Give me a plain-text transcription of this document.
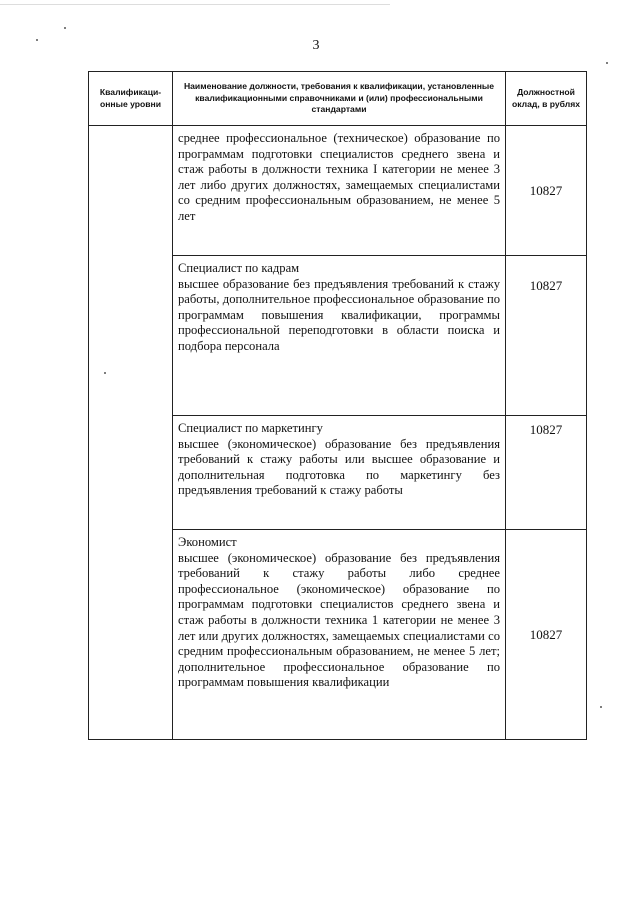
3
Квалификаци-онные уровни	Наименование должности, требования к квалификации, установленные квалификационными справочниками и (или) профессиональными стандартами	Должностной оклад, в рублях

	среднее профессиональное (техническое) образование по программам подготовки специалистов среднего звена и стаж работы в должности техника I категории не менее 3 лет либо других должностях, замещаемых специалистами со средним профессиональным образованием, не менее 5 лет	10827

	Специалист по кадрам
высшее образование без предъявления требований к стажу работы, дополнительное профессиональное образование по программам повышения квалификации, программы профессиональной переподготовки в области поиска и подбора персонала	10827

	Специалист по маркетингу
высшее (экономическое) образование без предъявления требований к стажу работы или высшее образование и дополнительная подготовка по маркетингу без предъявления требований к стажу работы	10827

	Экономист
высшее (экономическое) образование без предъявления требований к стажу работы либо среднее профессиональное (экономическое) образование по программам подготовки специалистов среднего звена и стаж работы в должности техника 1 категории не менее 3 лет или других должностях, замещаемых специалистами со средним профессиональным образованием, не менее 5 лет; дополнительное профессиональное образование по программам повышения квалификации	10827
